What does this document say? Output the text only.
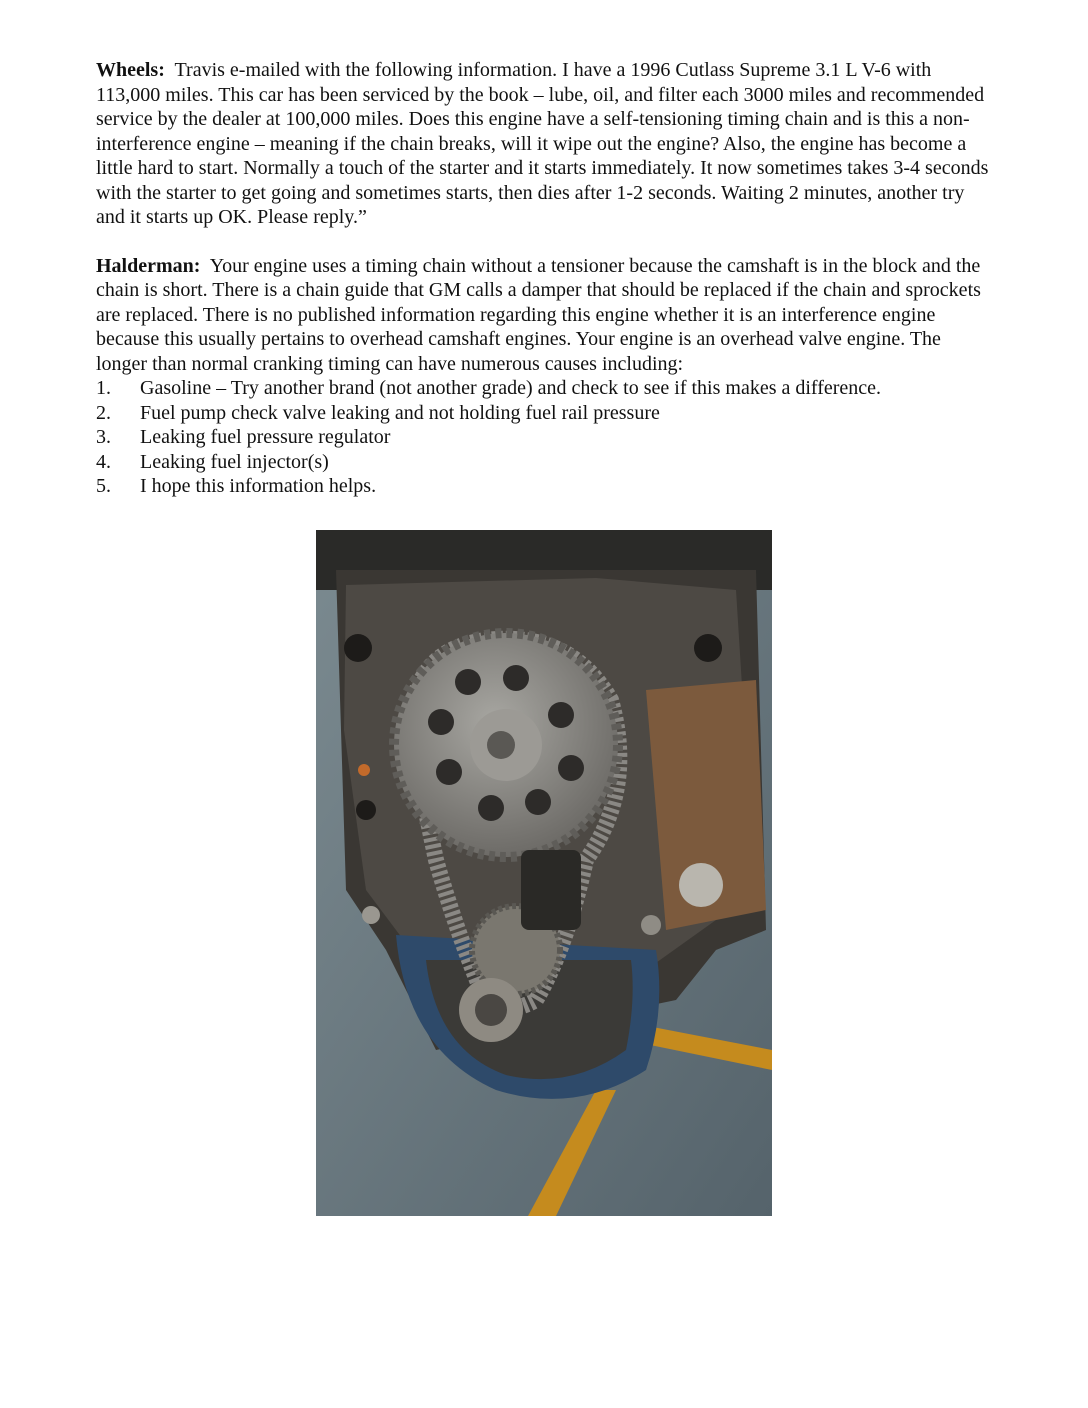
Wheels: Travis e-mailed with the following information. I have a 1996 Cutlass Supreme 3.1 L V-6 with 113,000 miles. This car has been serviced by the book – lube, oil, and filter each 3000 miles and recommended service by the dealer at 100,000 miles. Does this engine have a self-tensioning timing chain and is this a non-interference engine – meaning if the chain breaks, will it wipe out the engine? Also, the engine has become a little hard to start. Normally a touch of the starter and it starts immediately. It now sometimes takes 3-4 seconds with the starter to get going and sometimes starts, then dies after 1-2 seconds. Waiting 2 minutes, another try and it starts up OK. Please reply.”

Halderman: Your engine uses a timing chain without a tensioner because the camshaft is in the block and the chain is short. There is a chain guide that GM calls a damper that should be replaced if the chain and sprockets are replaced. There is no published information regarding this engine whether it is an interference engine because this usually pertains to overhead camshaft engines. Your engine is an overhead valve engine. The longer than normal cranking timing can have numerous causes including:

1.	Gasoline – Try another brand (not another grade) and check to see if this makes a difference.
2.	Fuel pump check valve leaking and not holding fuel rail pressure
3.	Leaking fuel pressure regulator
4.	Leaking fuel injector(s)
5.	I hope this information helps.
